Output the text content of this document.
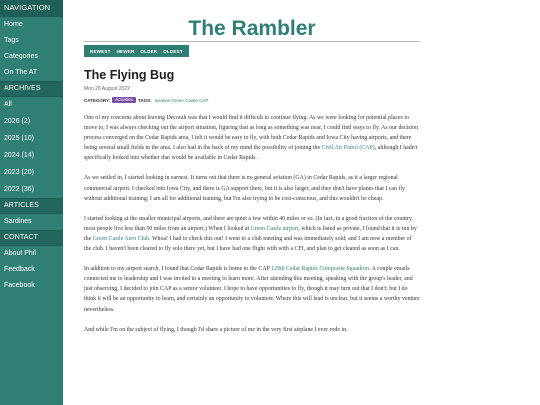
NAVIGATION
Home
Tags
Categories
On The AT
ARCHIVES
All
2026 (2)
2025 (10)
2024 (14)
2023 (20)
2022 (36)
ARTICLES
Sardines
CONTACT
About Phil
Feedback
Facebook
The Rambler
NEWEST NEWER OLDER OLDEST
The Flying Bug
Mon 29 August 2022
CATEGORY:	Activities	TAGS: aviation Green Castle CAP

One of my concerns about leaving Decorah was that I would find it difficult to continue flying. As we were looking for potential places to move to, I was always checking out the airport situation, figuring that as long as something was near, I could find ways to fly. As our decision process converged on the Cedar Rapids area, I felt it would be easy to fly, with both Cedar Rapids and Iowa City having airports, and there being several small fields in the area. I also had in the back of my mind the possibility of joining the Civil Air Patrol (CAP), although I hadn't specifically looked into whether that would be available in Cedar Rapids.

As we settled in, I started looking in earnest. It turns out that there is no general aviation (GA) in Cedar Rapids, as it a larger regional commercial airport. I checked into Iowa City, and there is GA support there, but it is also larger, and they don't have planes that I can fly without additional training; I am all for additional training, but I'm also trying to be cost-conscious, and this wouldn't be cheap.

I started looking at the smaller municipal airports, and there are quiet a few within 40 miles or so. (In fact, in a good fraction of the country, most people live less than 50 miles from an airport.) When I looked at Green Castle airport, which is listed as private, I found that it is run by the Green Castle Aero Club. Whoa! I had to check this out! I went to a club meeting and was immediately sold; and I am now a member of the club. I haven't been cleared to fly solo there yet, but I have had one flight with with a CFI, and plan to get cleared as soon as I can.

In addition to my airport search, I found that Cedar Rapids is home to the CAP 129th Cedar Rapids Composite Squadron. A couple emails connected me to leadership and I was invited to a meeting to learn more. After attending this meeting, speaking with the group's leader, and just observing, I decided to join CAP as a senior volunteer. I hope to have opportunities to fly, though it may turn out that I don't; but I do think it will be an opportunity to learn, and certainly an opportunity to volunteer. Where this will lead is unclear, but it seems a worthy venture nevertheless.

And while I'm on the subject of flying, I though I'd share a picture of me in the very first airplane I ever rode in.
